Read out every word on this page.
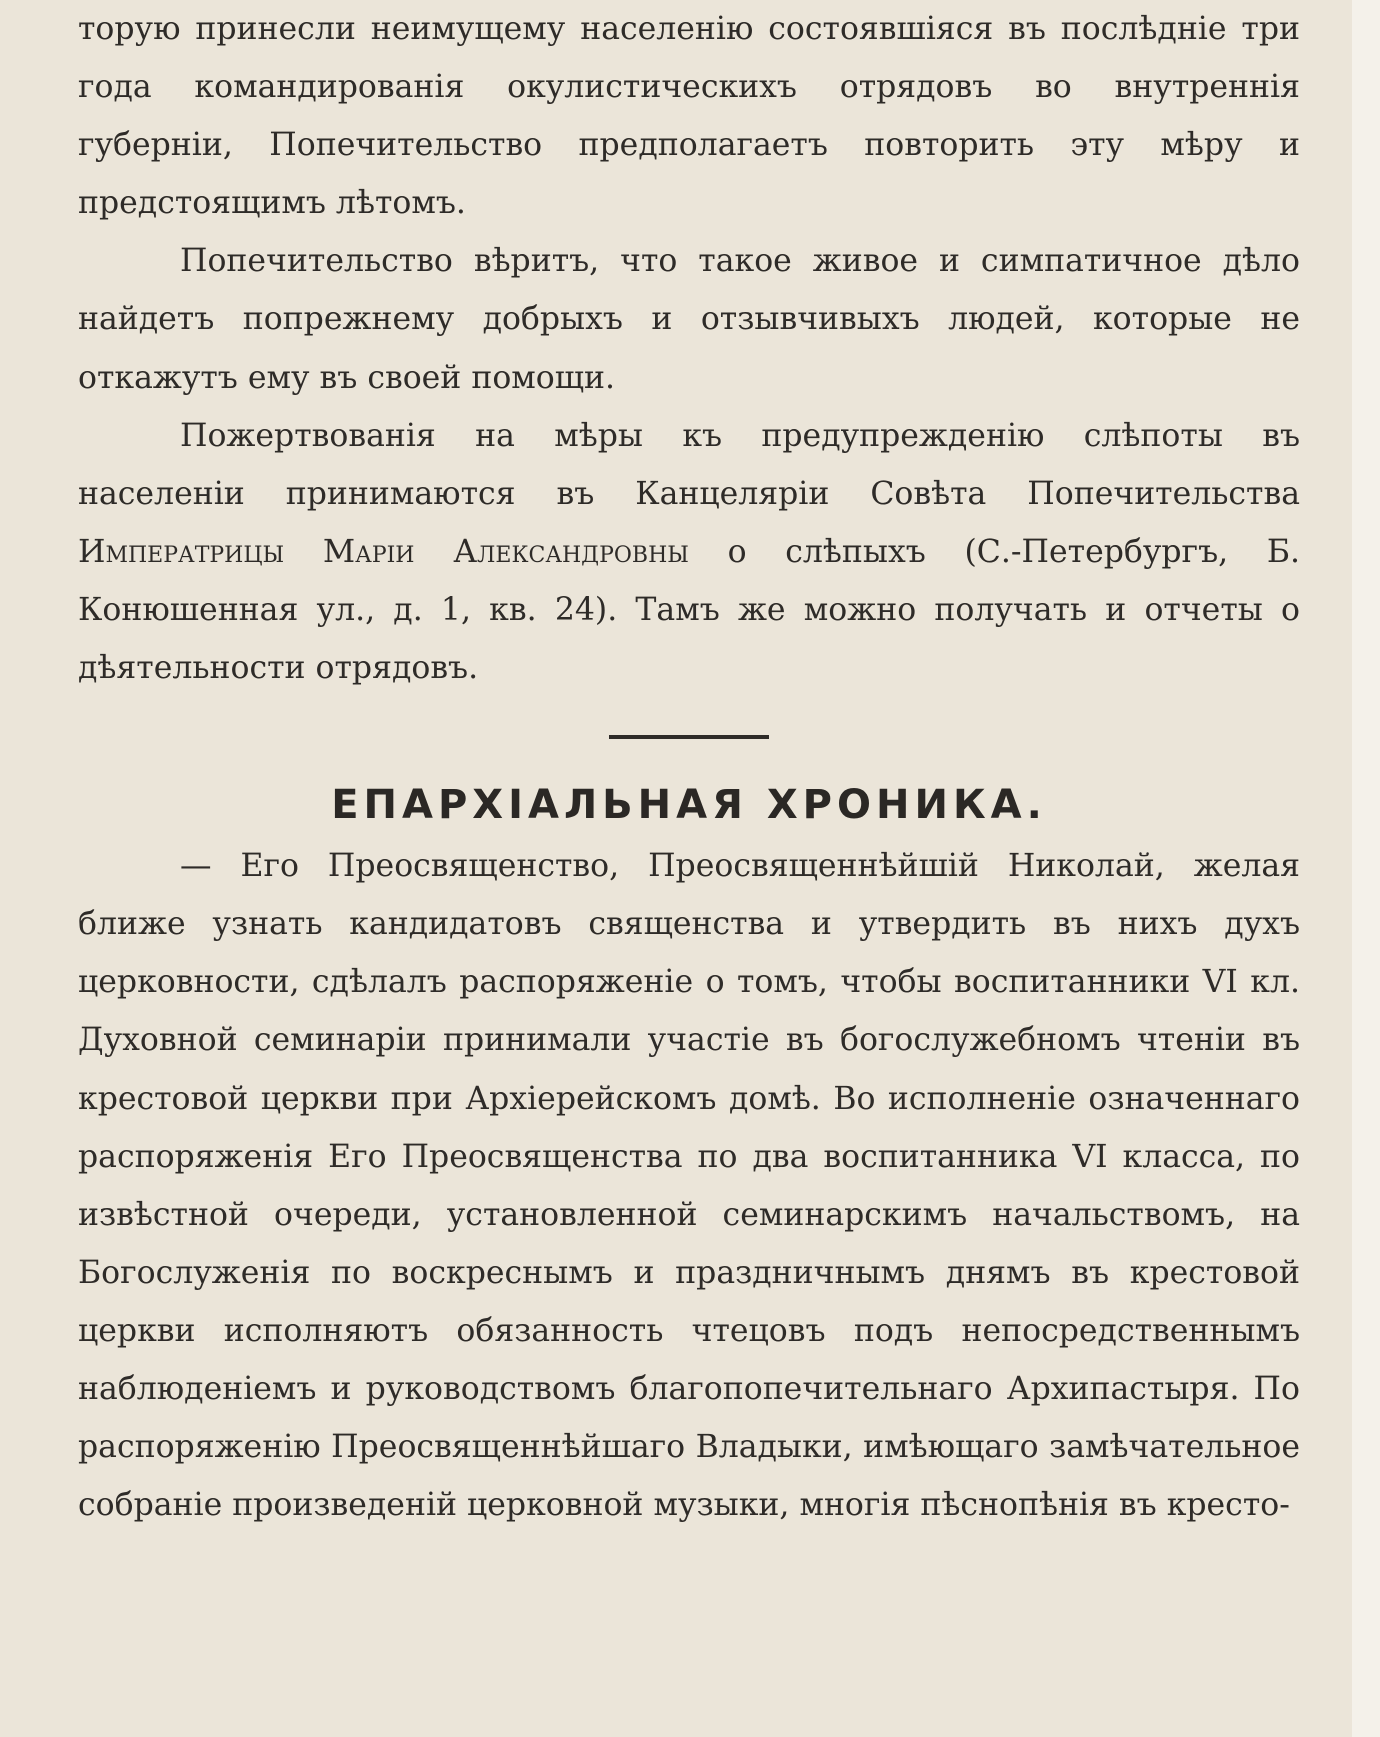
торую принесли неимущему населенію состоявшіяся въ послѣднie три года командированія окулистическихъ отрядовъ во внутреннія губерніи, Попечительство предполагаетъ повторить эту мѣру и предстоящимъ лѣтомъ.

Попечительство вѣритъ, что такое живое и симпатичное дѣло найдетъ попрежнему добрыхъ и отзывчивыхъ людей, которые не откажутъ ему въ своей помощи.

Пожертвованія на мѣры къ предупрежденію слѣпоты въ населеніи принимаются въ Канцеляріи Совѣта Попечительства Императрицы Маріи Александровны о слѣпыхъ (С.-Петербургъ, Б. Конюшенная ул., д. 1, кв. 24). Тамъ же можно получать и отчеты о дѣятельности отрядовъ.

ЕПАРХІАЛЬНАЯ ХРОНИКА.

— Его Преосвященство, Преосвященнѣйшій Николай, желая ближе узнать кандидатовъ священства и утвердить въ нихъ духъ церковности, сдѣлалъ распоряженіе о томъ, чтобы воспитанники VI кл. Духовной семинаріи принимали участіе въ богослужебномъ чтеніи въ крестовой церкви при Архіерейскомъ домѣ. Во исполненіе означеннаго распоряженія Его Преосвященства по два воспитанника VI класса, по извѣстной очереди, установленной семинарскимъ начальствомъ, на Богослуженія по воскреснымъ и праздничнымъ днямъ въ крестовой церкви исполняютъ обязанность чтецовъ подъ непосредственнымъ наблюденіемъ и руководствомъ благопопечительнаго Архипастыря. По распоряженію Преосвященнѣйшаго Владыки, имѣющаго замѣчательное собраніе произведеній церковной музыки, многія пѣснопѣнія въ кресто-
